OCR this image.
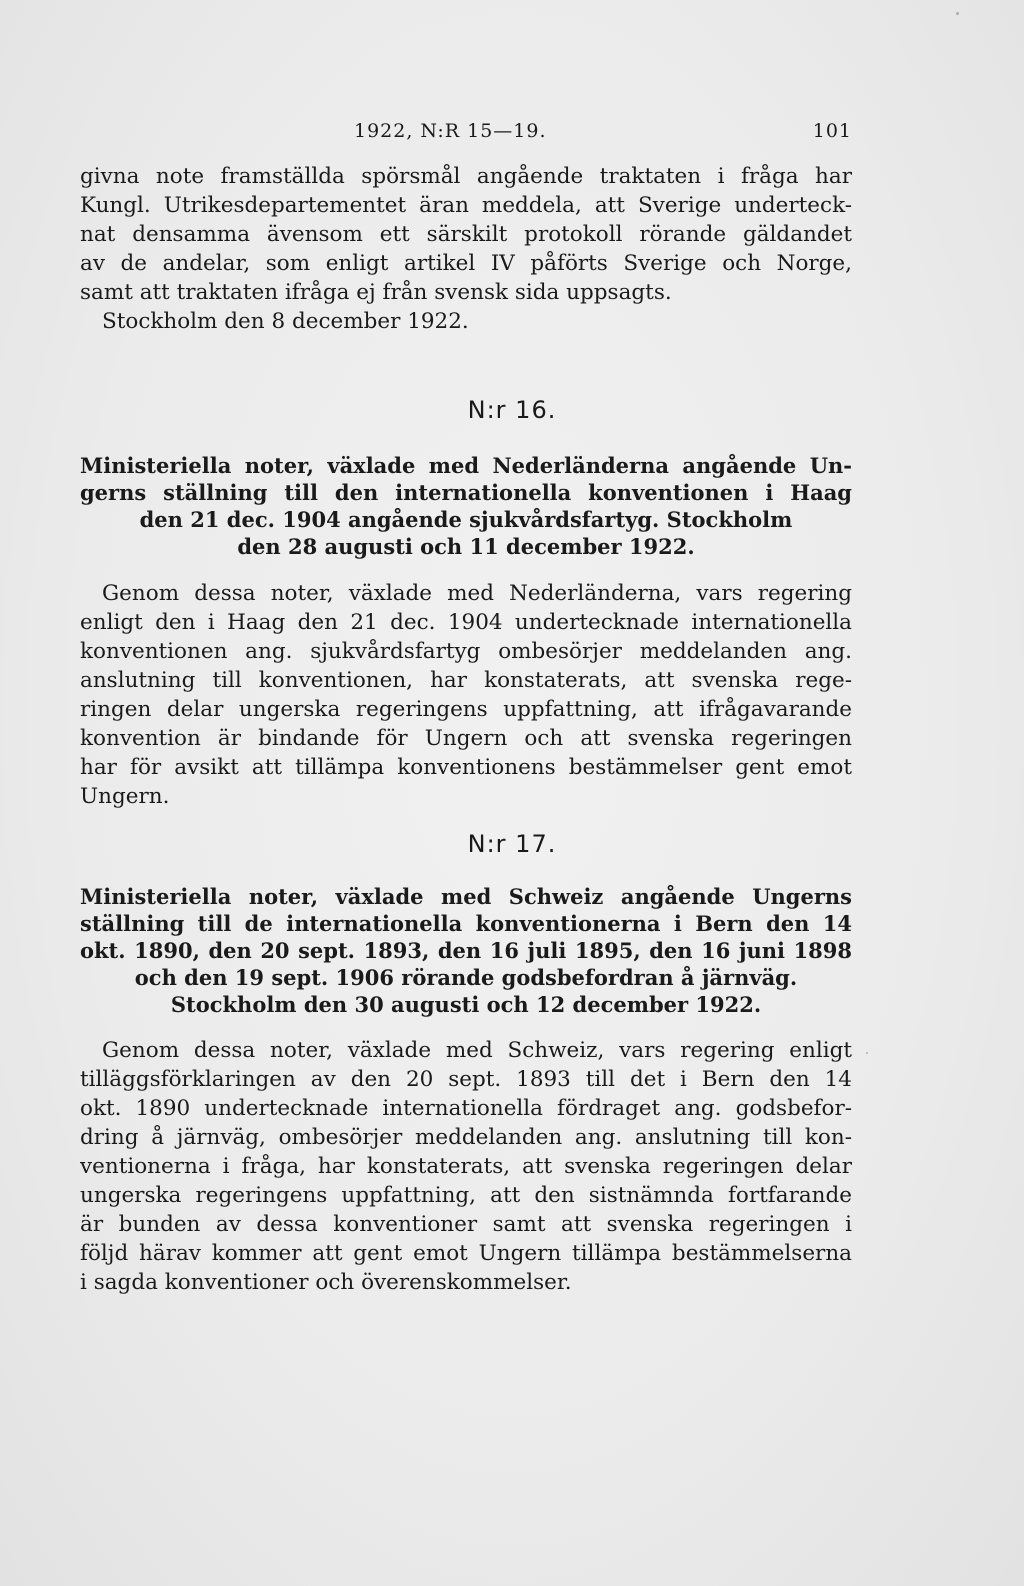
1922, N:R 15—19.	101
givna note framställda spörsmål angående traktaten i fråga har
Kungl. Utrikesdepartementet äran meddela, att Sverige underteck-
nat densamma ävensom ett särskilt protokoll rörande gäldandet
av de andelar, som enligt artikel IV påförts Sverige och Norge,
samt att traktaten ifråga ej från svensk sida uppsagts.
Stockholm den 8 december 1922.
N:r 16.
Ministeriella noter, växlade med Nederländerna angående Un-
gerns ställning till den internationella konventionen i Haag
den 21 dec. 1904 angående sjukvårdsfartyg. Stockholm
den 28 augusti och 11 december 1922.
Genom dessa noter, växlade med Nederländerna, vars regering
enligt den i Haag den 21 dec. 1904 undertecknade internationella
konventionen ang. sjukvårdsfartyg ombesörjer meddelanden ang.
anslutning till konventionen, har konstaterats, att svenska rege-
ringen delar ungerska regeringens uppfattning, att ifrågavarande
konvention är bindande för Ungern och att svenska regeringen
har för avsikt att tillämpa konventionens bestämmelser gent emot
Ungern.
N:r 17.
Ministeriella noter, växlade med Schweiz angående Ungerns
ställning till de internationella konventionerna i Bern den 14
okt. 1890, den 20 sept. 1893, den 16 juli 1895, den 16 juni 1898
och den 19 sept. 1906 rörande godsbefordran å järnväg.
Stockholm den 30 augusti och 12 december 1922.
Genom dessa noter, växlade med Schweiz, vars regering enligt
tilläggsförklaringen av den 20 sept. 1893 till det i Bern den 14
okt. 1890 undertecknade internationella fördraget ang. godsbefor-
dring å järnväg, ombesörjer meddelanden ang. anslutning till kon-
ventionerna i fråga, har konstaterats, att svenska regeringen delar
ungerska regeringens uppfattning, att den sistnämnda fortfarande
är bunden av dessa konventioner samt att svenska regeringen i
följd härav kommer att gent emot Ungern tillämpa bestämmelserna
i sagda konventioner och överenskommelser.
